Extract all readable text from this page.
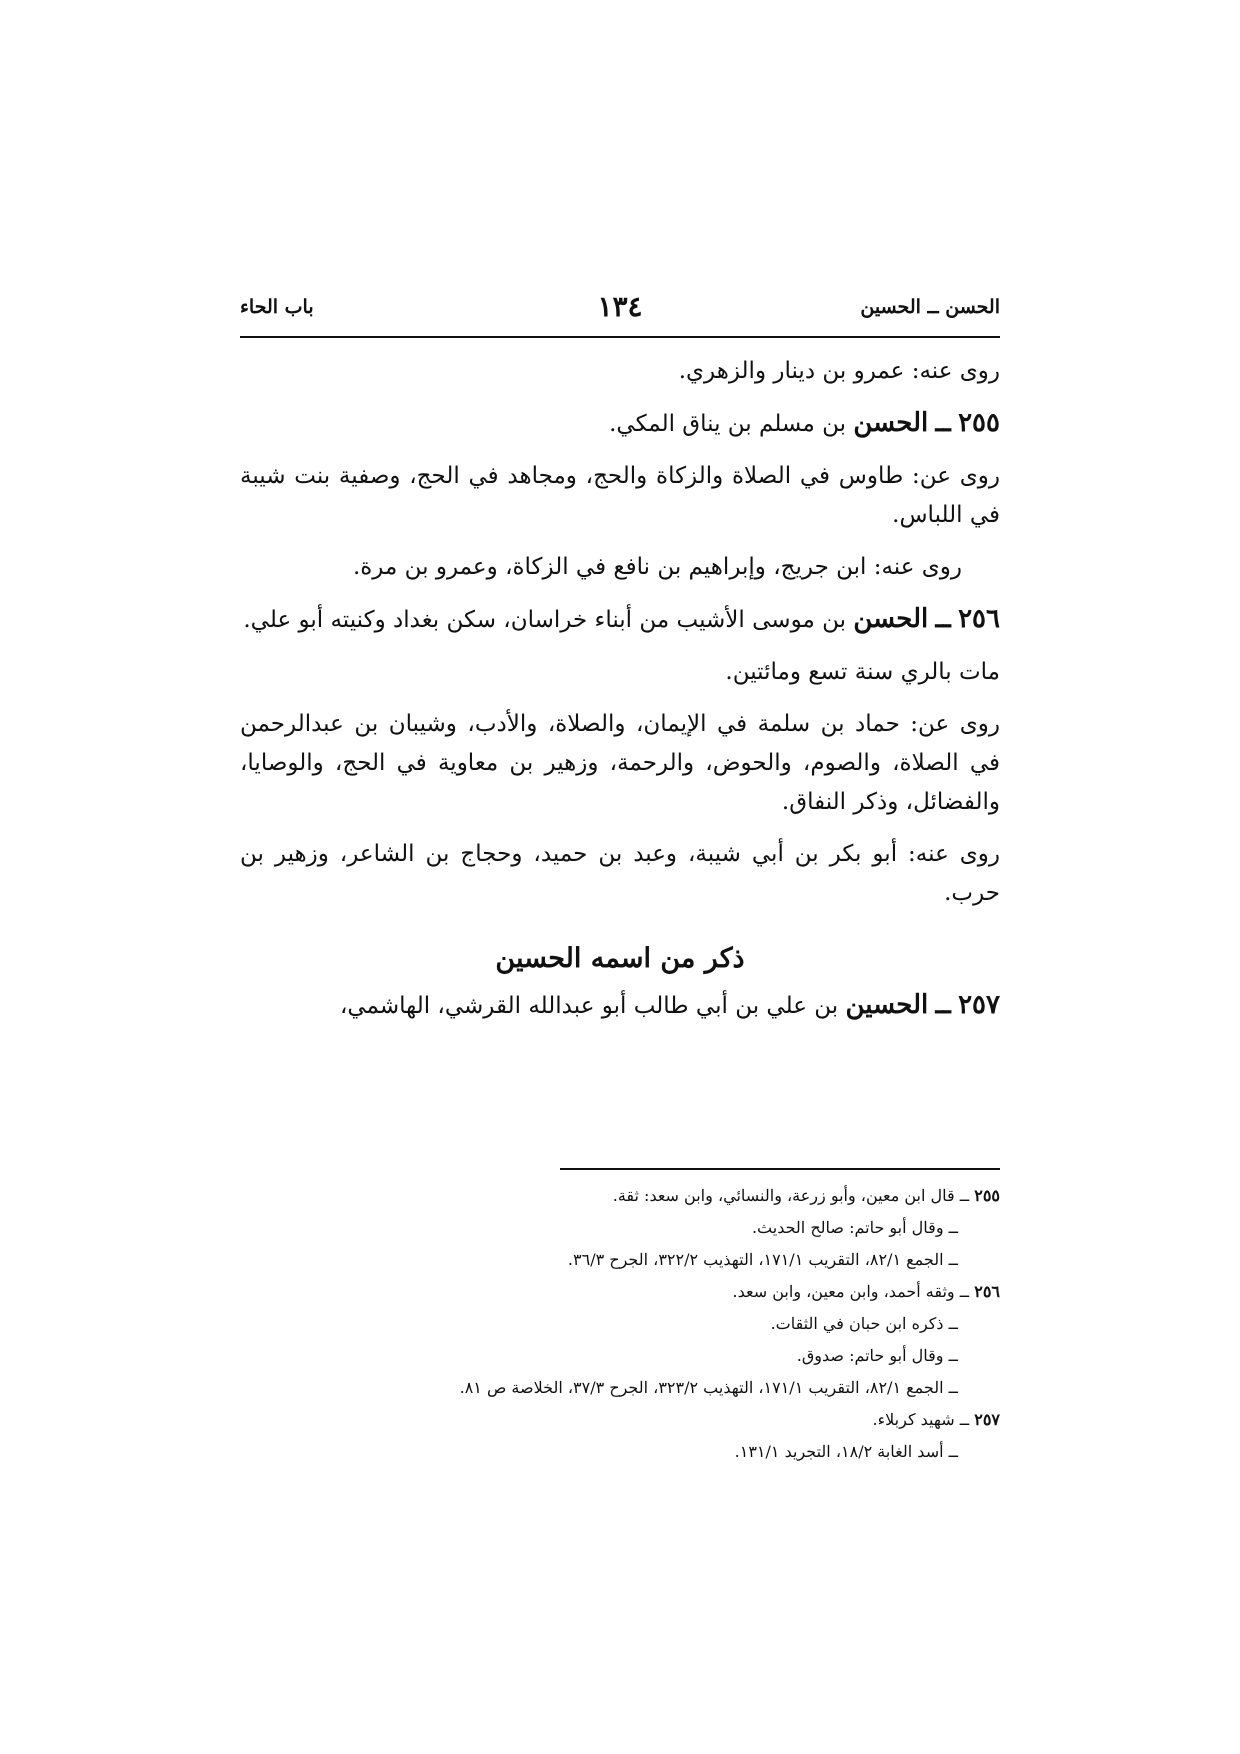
الحسن ــ الحسين
١٣٤
باب الحاء

روى عنه: عمرو بن دينار والزهري.

٢٥٥ ــ الحسن بن مسلم بن يناق المكي.

روى عن: طاوس في الصلاة والزكاة والحج، ومجاهد في الحج، وصفية بنت شيبة في اللباس.

روى عنه: ابن جريج، وإبراهيم بن نافع في الزكاة، وعمرو بن مرة.

٢٥٦ ــ الحسن بن موسى الأشيب من أبناء خراسان، سكن بغداد وكنيته أبو علي.

مات بالري سنة تسع ومائتين.

روى عن: حماد بن سلمة في الإيمان، والصلاة، والأدب، وشيبان بن عبدالرحمن في الصلاة، والصوم، والحوض، والرحمة، وزهير بن معاوية في الحج، والوصايا، والفضائل، وذكر النفاق.

روى عنه: أبو بكر بن أبي شيبة، وعبد بن حميد، وحجاج بن الشاعر، وزهير بن حرب.

ذكر من اسمه الحسين

٢٥٧ ــ الحسين بن علي بن أبي طالب أبو عبدالله القرشي، الهاشمي،

٢٥٥ ــ قال ابن معين، وأبو زرعة، والنسائي، وابن سعد: ثقة.

ــ وقال أبو حاتم: صالح الحديث.

ــ الجمع ٨٢/١، التقريب ١٧١/١، التهذيب ٣٢٢/٢، الجرح ٣٦/٣.

٢٥٦ ــ وثقه أحمد، وابن معين، وابن سعد.

ــ ذكره ابن حبان في الثقات.

ــ وقال أبو حاتم: صدوق.

ــ الجمع ٨٢/١، التقريب ١٧١/١، التهذيب ٣٢٣/٢، الجرح ٣٧/٣، الخلاصة ص ٨١.

٢٥٧ ــ شهيد كربلاء.

ــ أسد الغابة ١٨/٢، التجريد ١٣١/١.
